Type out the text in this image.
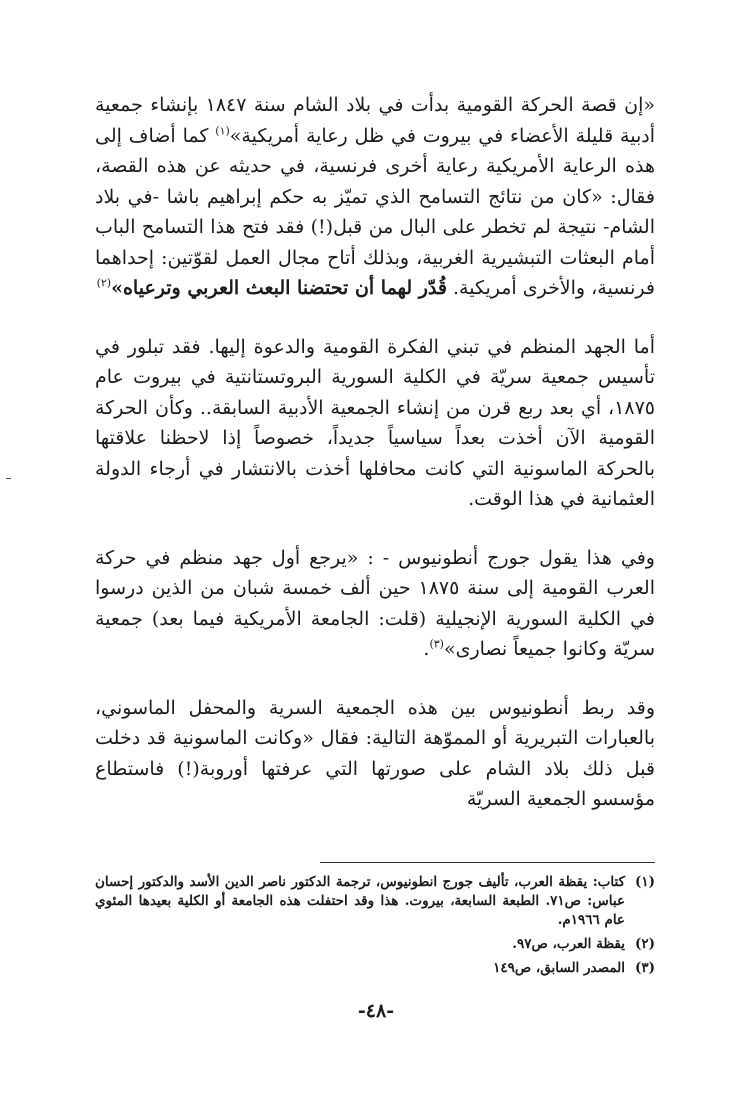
«إن قصة الحركة القومية بدأت في بلاد الشام سنة ١٨٤٧ بإنشاء جمعية أدبية قليلة الأعضاء في بيروت في ظل رعاية أمريكية»$^{(١)}$ كما أضاف إلى هذه الرعاية الأمريكية رعاية أخرى فرنسية، في حديثه عن هذه القصة، فقال: «كان من نتائج التسامح الذي تميّز به حكم إبراهيم باشا -في بلاد الشام- نتيجة لم تخطر على البال من قبل(!) فقد فتح هذا التسامح الباب أمام البعثات التبشيرية الغربية، وبذلك أتاح مجال العمل لقوّتين: إحداهما فرنسية، والأخرى أمريكية. قُدّر لهما أن تحتضنا البعث العربي وترعياه»$^{(٢)}$

أما الجهد المنظم في تبني الفكرة القومية والدعوة إليها. فقد تبلور في تأسيس جمعية سريّة في الكلية السورية البروتستانتية في بيروت عام ١٨٧٥، أي بعد ربع قرن من إنشاء الجمعية الأدبية السابقة.. وكأن الحركة القومية الآن أخذت بعداً سياسياً جديداً، خصوصاً إذا لاحظنا علاقتها بالحركة الماسونية التي كانت محافلها أخذت بالانتشار في أرجاء الدولة العثمانية في هذا الوقت.

وفي هذا يقول جورج أنطونيوس - : «يرجع أول جهد منظم في حركة العرب القومية إلى سنة ١٨٧٥ حين ألف خمسة شبان من الذين درسوا في الكلية السورية الإنجيلية (قلت: الجامعة الأمريكية فيما بعد) جمعية سريّة وكانوا جميعاً نصارى»$^{(٣)}$.

وقد ربط أنطونيوس بين هذه الجمعية السرية والمحفل الماسوني، بالعبارات التبريرية أو المموّهة التالية: فقال «وكانت الماسونية قد دخلت قبل ذلك بلاد الشام على صورتها التي عرفتها أوروبة(!) فاستطاع مؤسسو الجمعية السريّة

(١)
كتاب: يقظة العرب، تأليف جورج انطونيوس، ترجمة الدكتور ناصر الدين الأسد والدكتور إحسان عباس: ص٧١. الطبعة السابعة، بيروت. هذا وقد احتفلت هذه الجامعة أو الكلية بعيدها المئوي عام ١٩٦٦م.
(٢)
يقظة العرب، ص٩٧.
(٣)
المصدر السابق، ص١٤٩
-٤٨-
